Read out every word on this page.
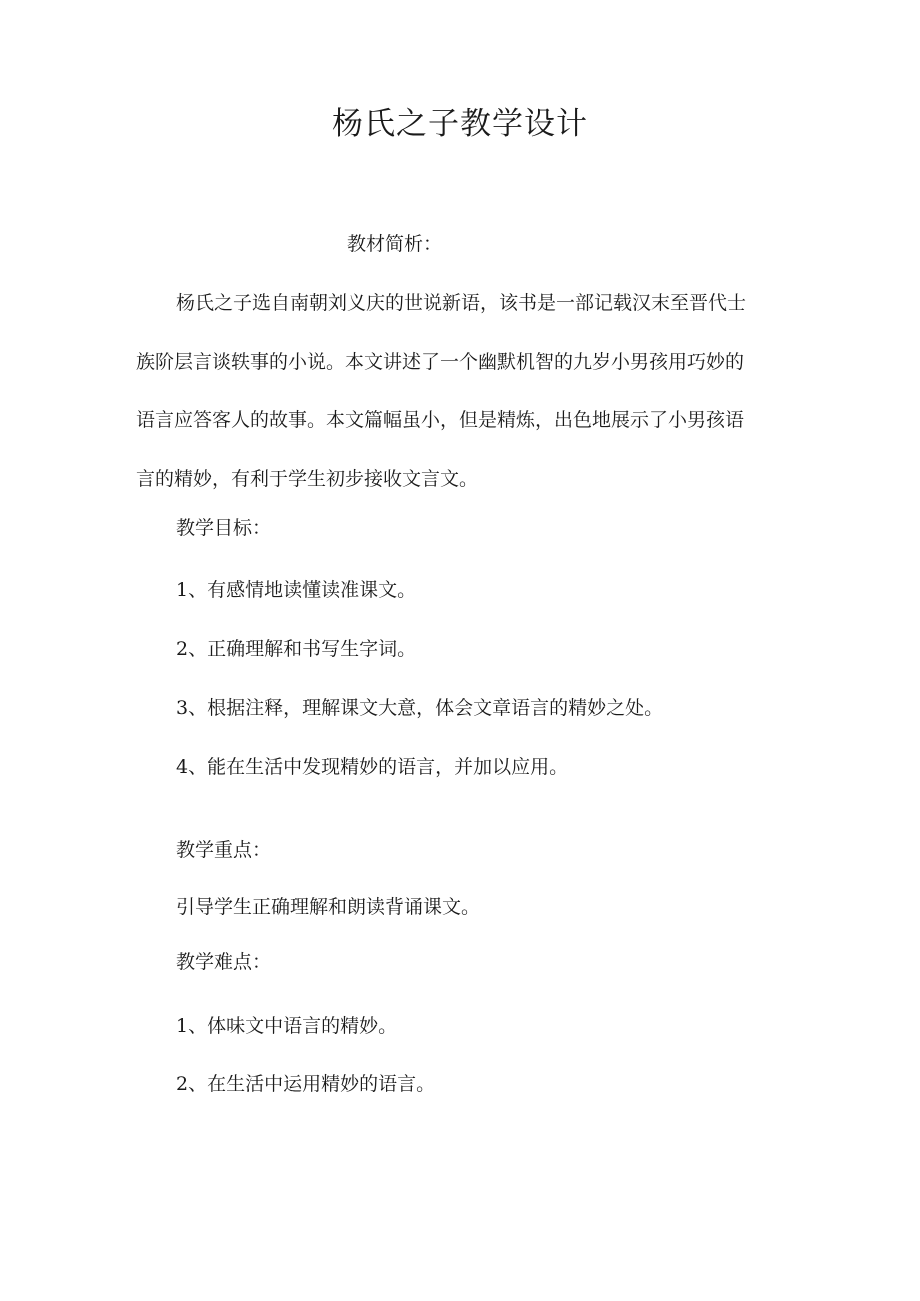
杨氏之子教学设计
教材简析：
杨氏之子选自南朝刘义庆的世说新语，该书是一部记载汉末至晋代士
族阶层言谈轶事的小说。本文讲述了一个幽默机智的九岁小男孩用巧妙的
语言应答客人的故事。本文篇幅虽小，但是精炼，出色地展示了小男孩语
言的精妙，有利于学生初步接收文言文。
教学目标：
1、有感情地读懂读准课文。
2、正确理解和书写生字词。
3、根据注释，理解课文大意，体会文章语言的精妙之处。
4、能在生活中发现精妙的语言，并加以应用。
教学重点：
引导学生正确理解和朗读背诵课文。
教学难点：
1、体味文中语言的精妙。
2、在生活中运用精妙的语言。
